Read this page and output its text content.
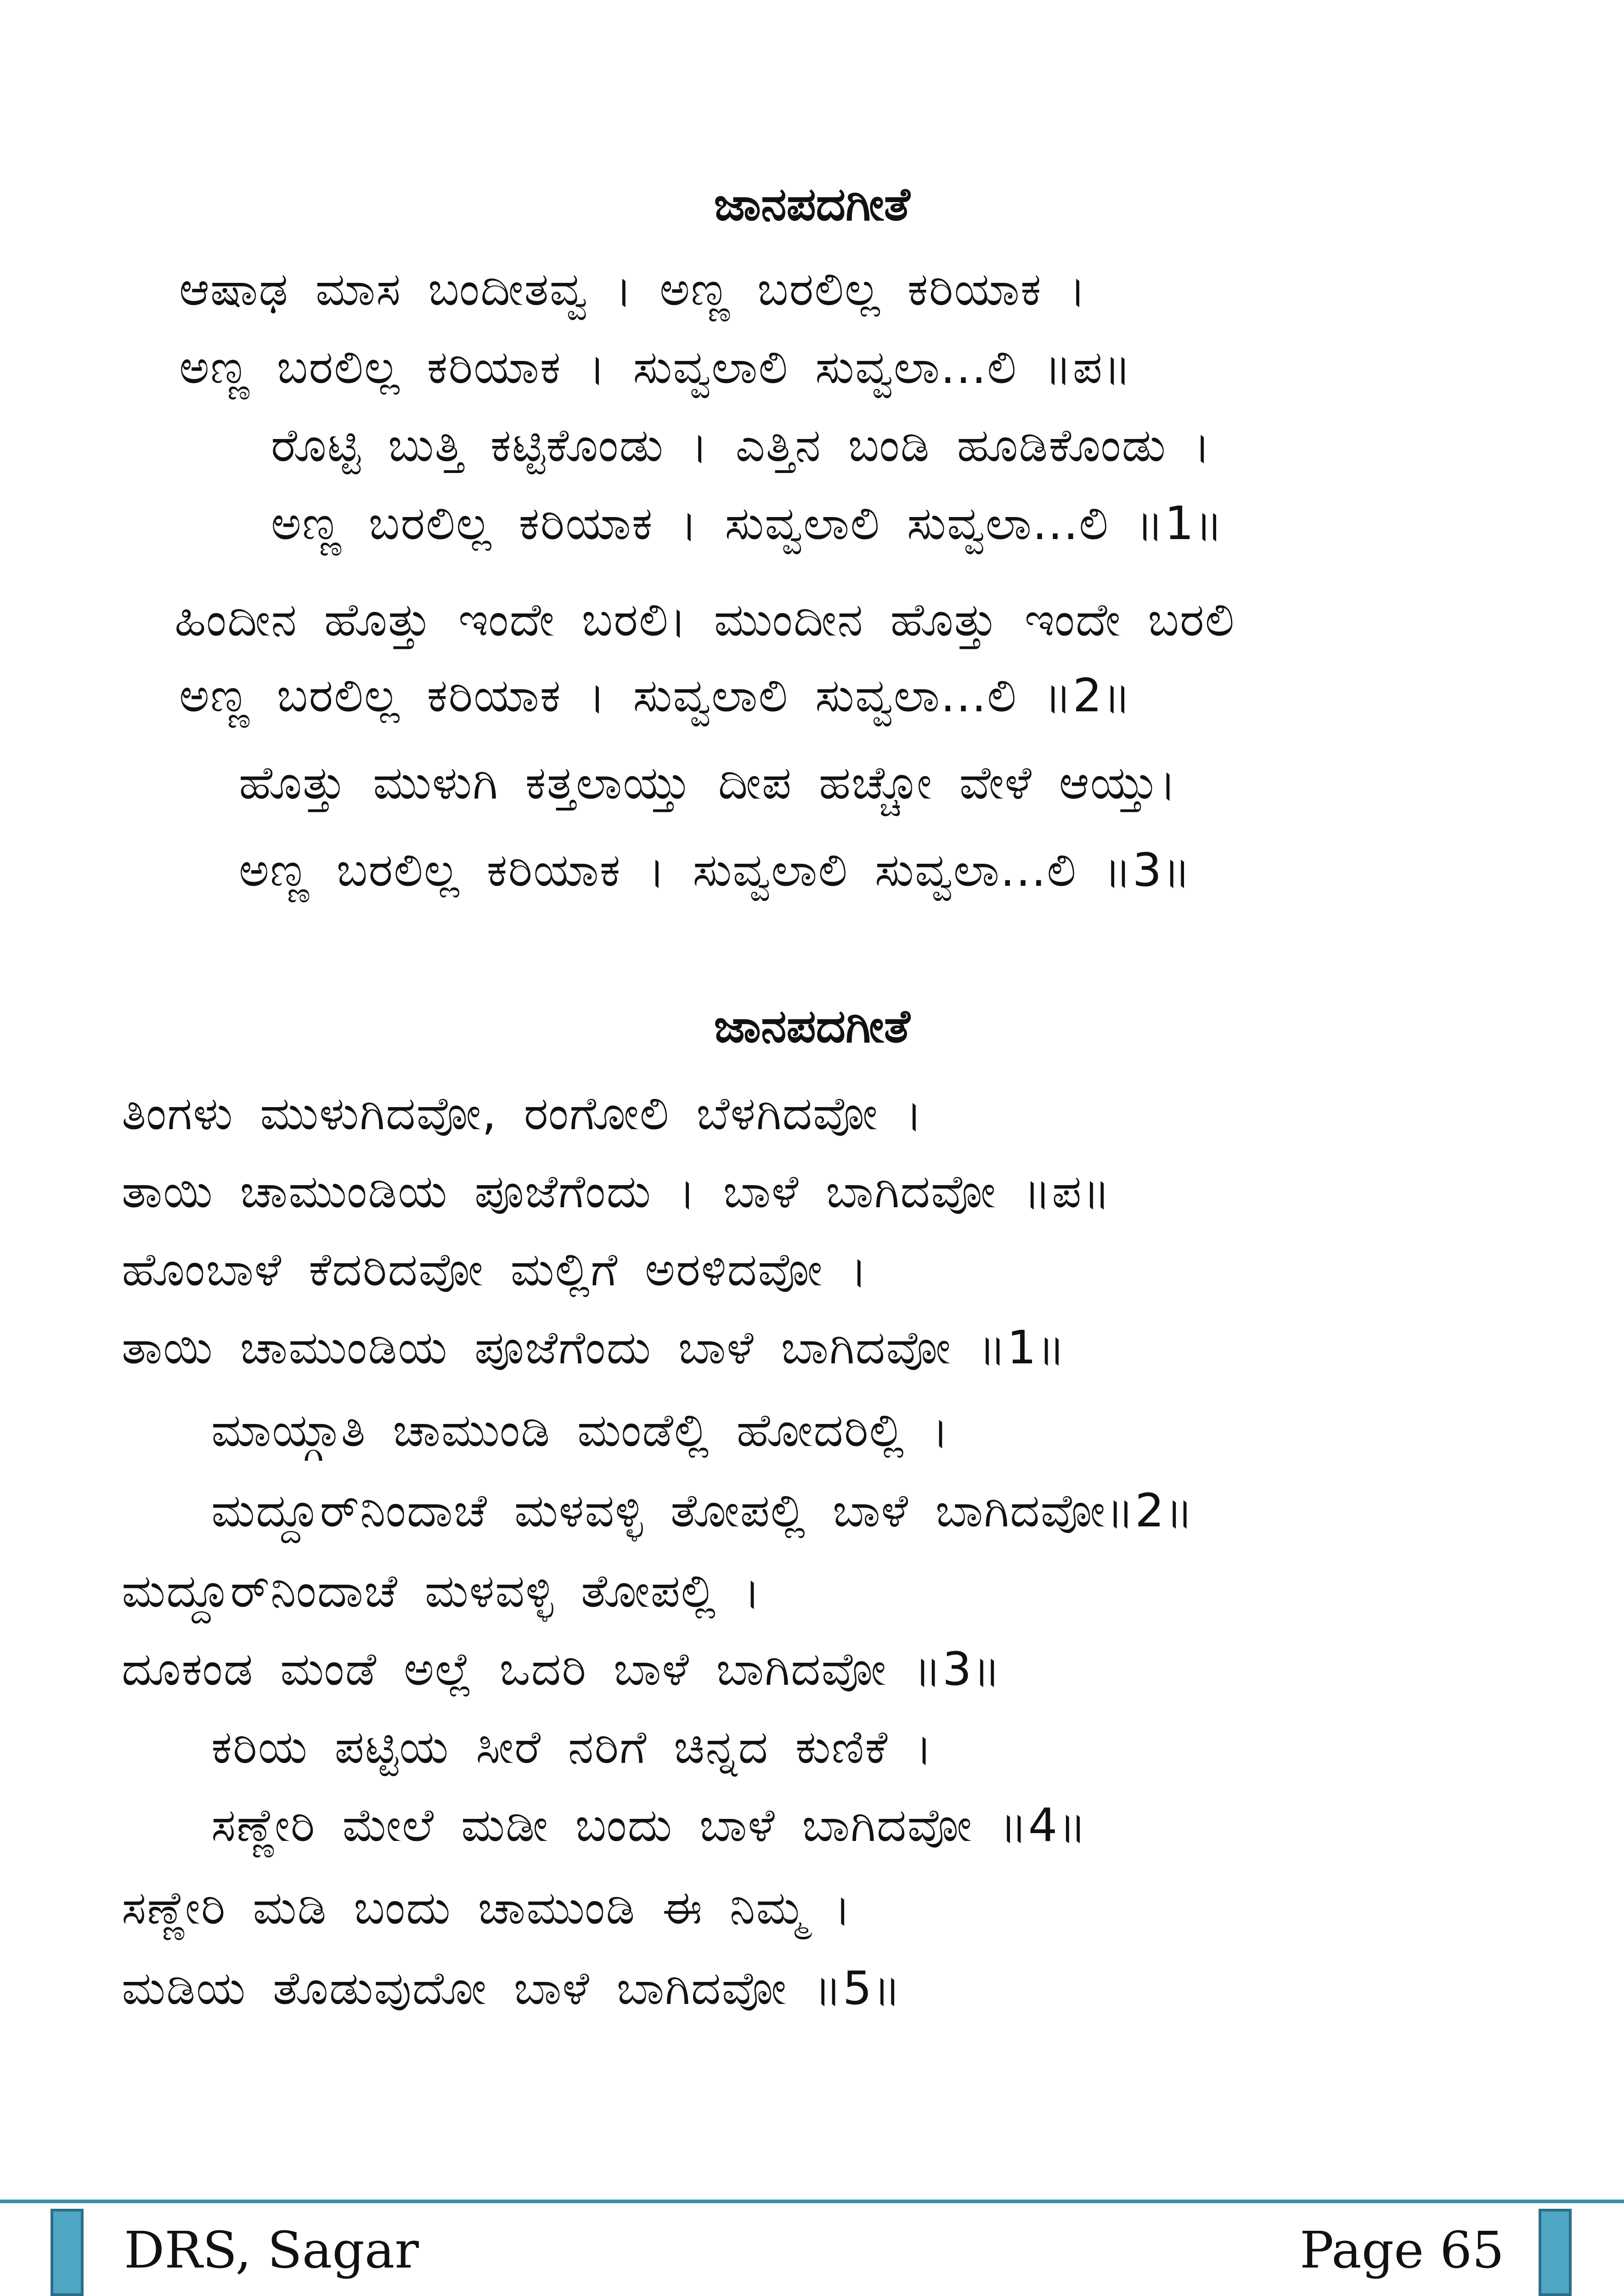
ಜಾನಪದಗೀತೆ
ಆಷಾಢ ಮಾಸ ಬಂದೀತವ್ವ । ಅಣ್ಣ ಬರಲಿಲ್ಲ ಕರಿಯಾಕ ।
ಅಣ್ಣ ಬರಲಿಲ್ಲ ಕರಿಯಾಕ । ಸುವ್ವಲಾಲಿ ಸುವ್ವಲಾ...ಲಿ ॥ಪ॥
ರೊಟ್ಟಿ ಬುತ್ತಿ ಕಟ್ಟಿಕೊಂಡು । ಎತ್ತಿನ ಬಂಡಿ ಹೂಡಿಕೊಂಡು ।
ಅಣ್ಣ ಬರಲಿಲ್ಲ ಕರಿಯಾಕ । ಸುವ್ವಲಾಲಿ ಸುವ್ವಲಾ...ಲಿ ॥1॥
ಹಿಂದೀನ ಹೊತ್ತು ಇಂದೇ ಬರಲಿ। ಮುಂದೀನ ಹೊತ್ತು ಇಂದೇ ಬರಲಿ
ಅಣ್ಣ ಬರಲಿಲ್ಲ ಕರಿಯಾಕ । ಸುವ್ವಲಾಲಿ ಸುವ್ವಲಾ...ಲಿ ॥2॥
ಹೊತ್ತು ಮುಳುಗಿ ಕತ್ತಲಾಯ್ತು ದೀಪ ಹಚ್ಚೋ ವೇಳೆ ಆಯ್ತು।
ಅಣ್ಣ ಬರಲಿಲ್ಲ ಕರಿಯಾಕ । ಸುವ್ವಲಾಲಿ ಸುವ್ವಲಾ...ಲಿ ॥3॥
ಜಾನಪದಗೀತೆ
ತಿಂಗಳು ಮುಳುಗಿದವೋ, ರಂಗೋಲಿ ಬೆಳಗಿದವೋ ।
ತಾಯಿ ಚಾಮುಂಡಿಯ ಪೂಜೆಗೆಂದು । ಬಾಳೆ ಬಾಗಿದವೋ ॥ಪ॥
ಹೊಂಬಾಳೆ ಕೆದರಿದವೋ ಮಲ್ಲಿಗೆ ಅರಳಿದವೋ ।
ತಾಯಿ ಚಾಮುಂಡಿಯ ಪೂಜೆಗೆಂದು ಬಾಳೆ ಬಾಗಿದವೋ ॥1॥
ಮಾಯ್ಗಾತಿ ಚಾಮುಂಡಿ ಮಂಡೆಲ್ಲಿ ಹೋದರಿಲ್ಲಿ ।
ಮದ್ದೂರ್‌ನಿಂದಾಚೆ ಮಳವಳ್ಳಿ ತೋಪಲ್ಲಿ ಬಾಳೆ ಬಾಗಿದವೋ॥2॥
ಮದ್ದೂರ್‌ನಿಂದಾಚೆ ಮಳವಳ್ಳಿ ತೋಪಲ್ಲಿ ।
ದೂಕಂಡ ಮಂಡೆ ಅಲ್ಲೆ ಒದರಿ ಬಾಳೆ ಬಾಗಿದವೋ ॥3॥
ಕರಿಯ ಪಟ್ಟಿಯ ಸೀರೆ ನರಿಗೆ ಚಿನ್ನದ ಕುಣಿಕೆ ।
ಸಣ್ಣೇರಿ ಮೇಲೆ ಮಡೀ ಬಂದು ಬಾಳೆ ಬಾಗಿದವೋ ॥4॥
ಸಣ್ಣೇರಿ ಮಡಿ ಬಂದು ಚಾಮುಂಡಿ ಈ ನಿಮ್ಮ ।
ಮಡಿಯ ತೊಡುವುದೋ ಬಾಳೆ ಬಾಗಿದವೋ ॥5॥
DRS, Sagar	Page 65
